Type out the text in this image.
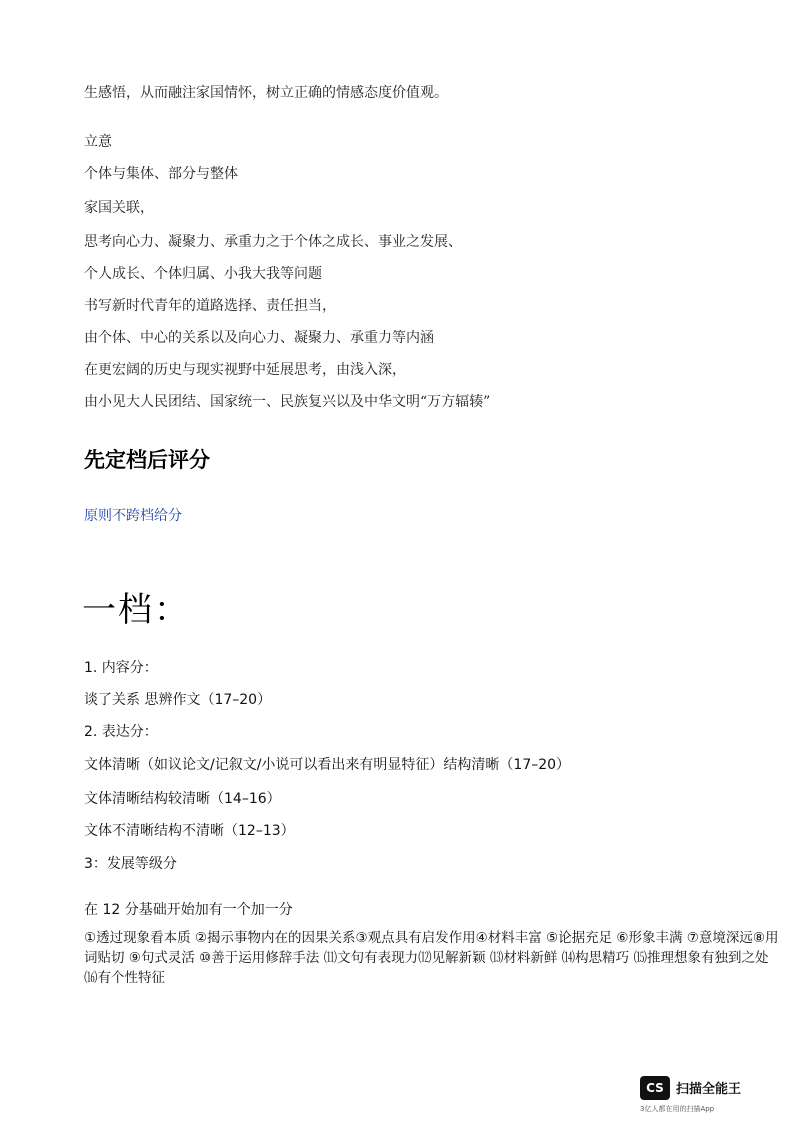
生感悟，从而融注家国情怀，树立正确的情感态度价值观。
立意
个体与集体、部分与整体
家国关联，
思考向心力、凝聚力、承重力之于个体之成长、事业之发展、
个人成长、个体归属、小我大我等问题
书写新时代青年的道路选择、责任担当，
由个体、中心的关系以及向心力、凝聚力、承重力等内涵
在更宏阔的历史与现实视野中延展思考，由浅入深，
由小见大人民团结、国家统一、民族复兴以及中华文明“万方辐辏”
先定档后评分
原则不跨档给分
一档：
1. 内容分：
谈了关系 思辨作文（17–20）
2. 表达分：
文体清晰（如议论文/记叙文/小说可以看出来有明显特征）结构清晰（17–20）
文体清晰结构较清晰（14–16）
文体不清晰结构不清晰（12–13）
3：发展等级分
在 12 分基础开始加有一个加一分
①透过现象看本质 ②揭示事物内在的因果关系③观点具有启发作用④材料丰富 ⑤论据充足 ⑥形象丰满 ⑦意境深远⑧用词贴切 ⑨句式灵活 ⑩善于运用修辞手法 ⑾文句有表现力⑿见解新颖 ⒀材料新鲜 ⒁构思精巧 ⒂推理想象有独到之处 ⒃有个性特征
CS 扫描全能王
3亿人都在用的扫描App
